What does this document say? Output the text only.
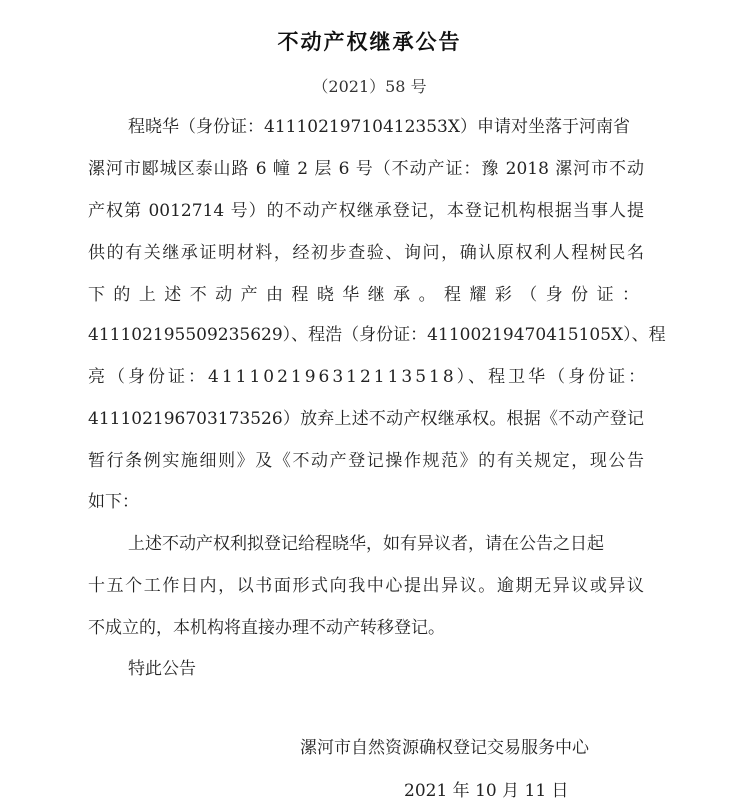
不动产权继承公告
（2021）58 号
程晓华（身份证：41110219710412353X）申请对坐落于河南省
漯河市郾城区泰山路 6 幢 2 层 6 号（不动产证：豫 2018 漯河市不动
产权第 0012714 号）的不动产权继承登记，本登记机构根据当事人提
供的有关继承证明材料，经初步查验、询问，确认原权利人程树民名
下的上述不动产由程晓华继承。程耀彩（身份证：
411102195509235629）、程浩（身份证：41100219470415105X）、程
亮（身份证：411102196312113518）、程卫华（身份证：
411102196703173526）放弃上述不动产权继承权。根据《不动产登记
暂行条例实施细则》及《不动产登记操作规范》的有关规定，现公告
如下：
上述不动产权利拟登记给程晓华，如有异议者，请在公告之日起
十五个工作日内，以书面形式向我中心提出异议。逾期无异议或异议
不成立的，本机构将直接办理不动产转移登记。
特此公告
漯河市自然资源确权登记交易服务中心
2021 年 10 月 11 日
